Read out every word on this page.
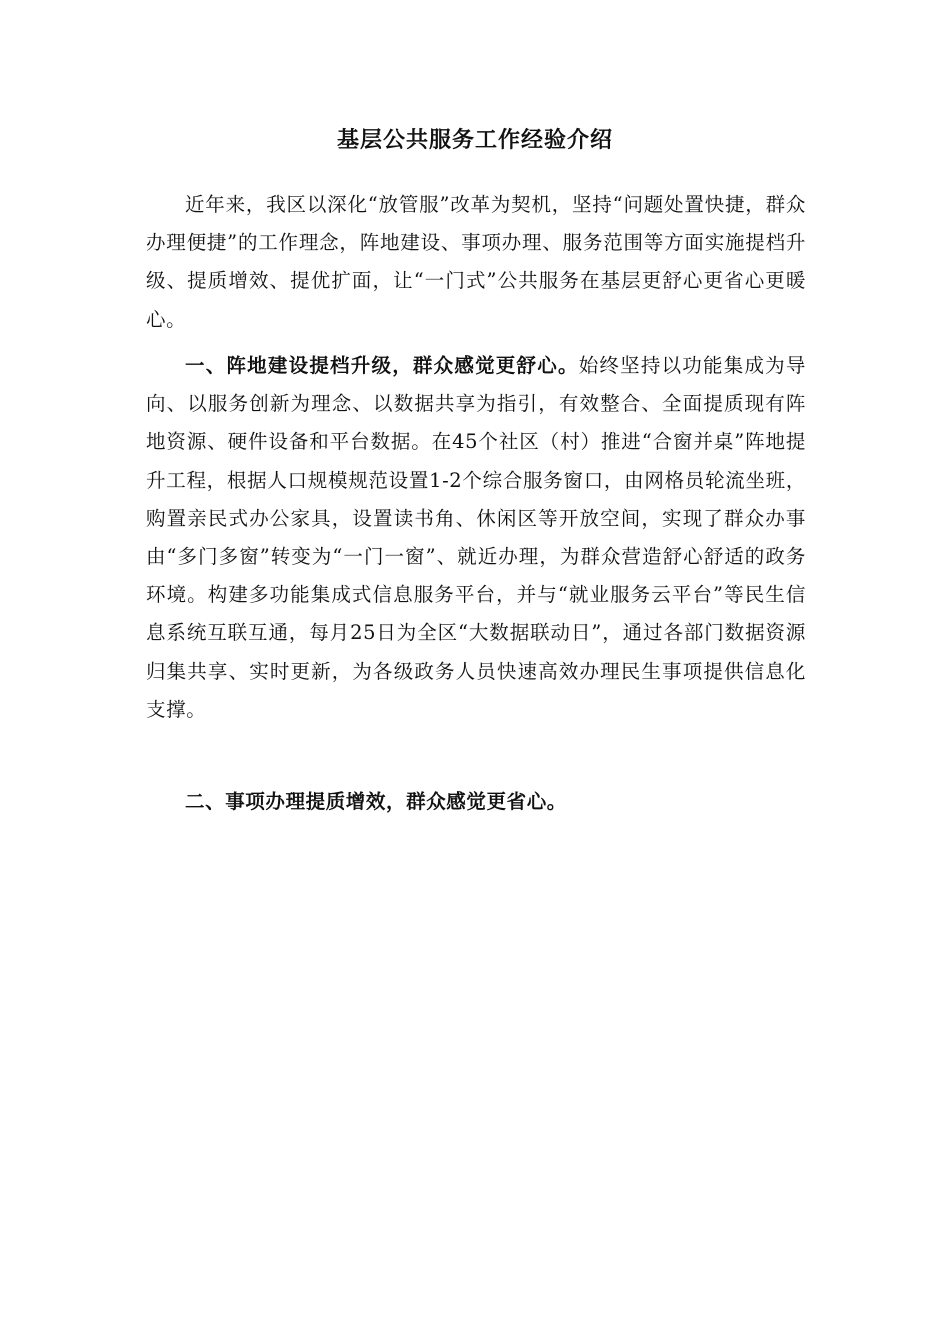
基层公共服务工作经验介绍

近年来，我区以深化“放管服”改革为契机，坚持“问题处置快捷，群众办理便捷”的工作理念，阵地建设、事项办理、服务范围等方面实施提档升级、提质增效、提优扩面，让“一门式”公共服务在基层更舒心更省心更暖心。

一、阵地建设提档升级，群众感觉更舒心。始终坚持以功能集成为导向、以服务创新为理念、以数据共享为指引，有效整合、全面提质现有阵地资源、硬件设备和平台数据。在45个社区（村）推进“合窗并桌”阵地提升工程，根据人口规模规范设置1-2个综合服务窗口，由网格员轮流坐班，购置亲民式办公家具，设置读书角、休闲区等开放空间，实现了群众办事由“多门多窗”转变为“一门一窗”、就近办理，为群众营造舒心舒适的政务环境。构建多功能集成式信息服务平台，并与“就业服务云平台”等民生信息系统互联互通，每月25日为全区“大数据联动日”，通过各部门数据资源归集共享、实时更新，为各级政务人员快速高效办理民生事项提供信息化支撑。

二、事项办理提质增效，群众感觉更省心。
